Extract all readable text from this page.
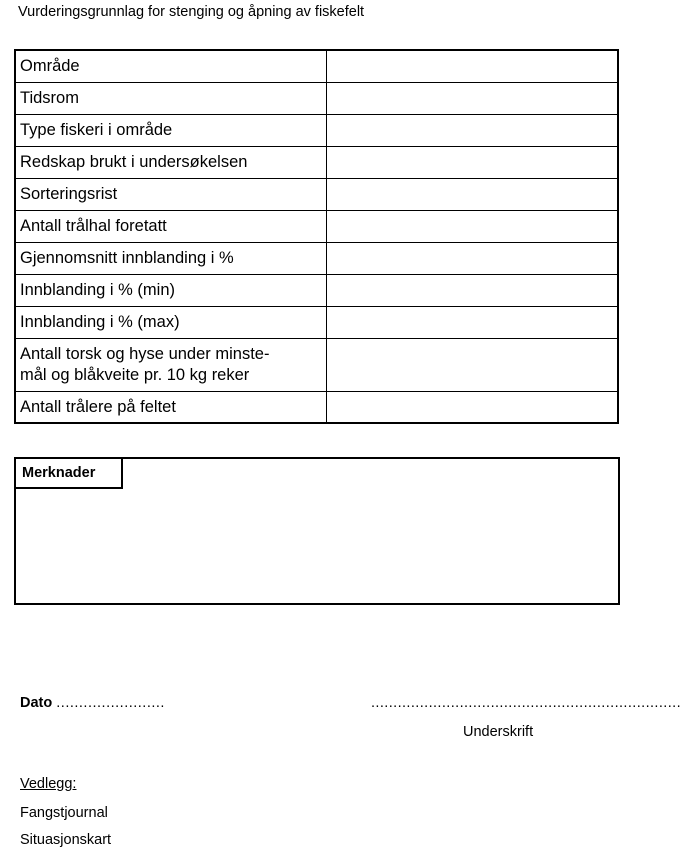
Vurderingsgrunnlag for stenging og åpning av fiskefelt
Område	
Tidsrom	
Type fiskeri i område	
Redskap brukt i undersøkelsen	
Sorteringsrist	
Antall trålhal foretatt	
Gjennomsnitt innblanding i %	
Innblanding i % (min)	
Innblanding i % (max)	
Antall torsk og hyse under minste-
mål og blåkveite pr. 10 kg reker	
Antall trålere på feltet	
Merknader
Dato ........................	......................................................................
Underskrift
Vedlegg:
Fangstjournal
Situasjonskart
